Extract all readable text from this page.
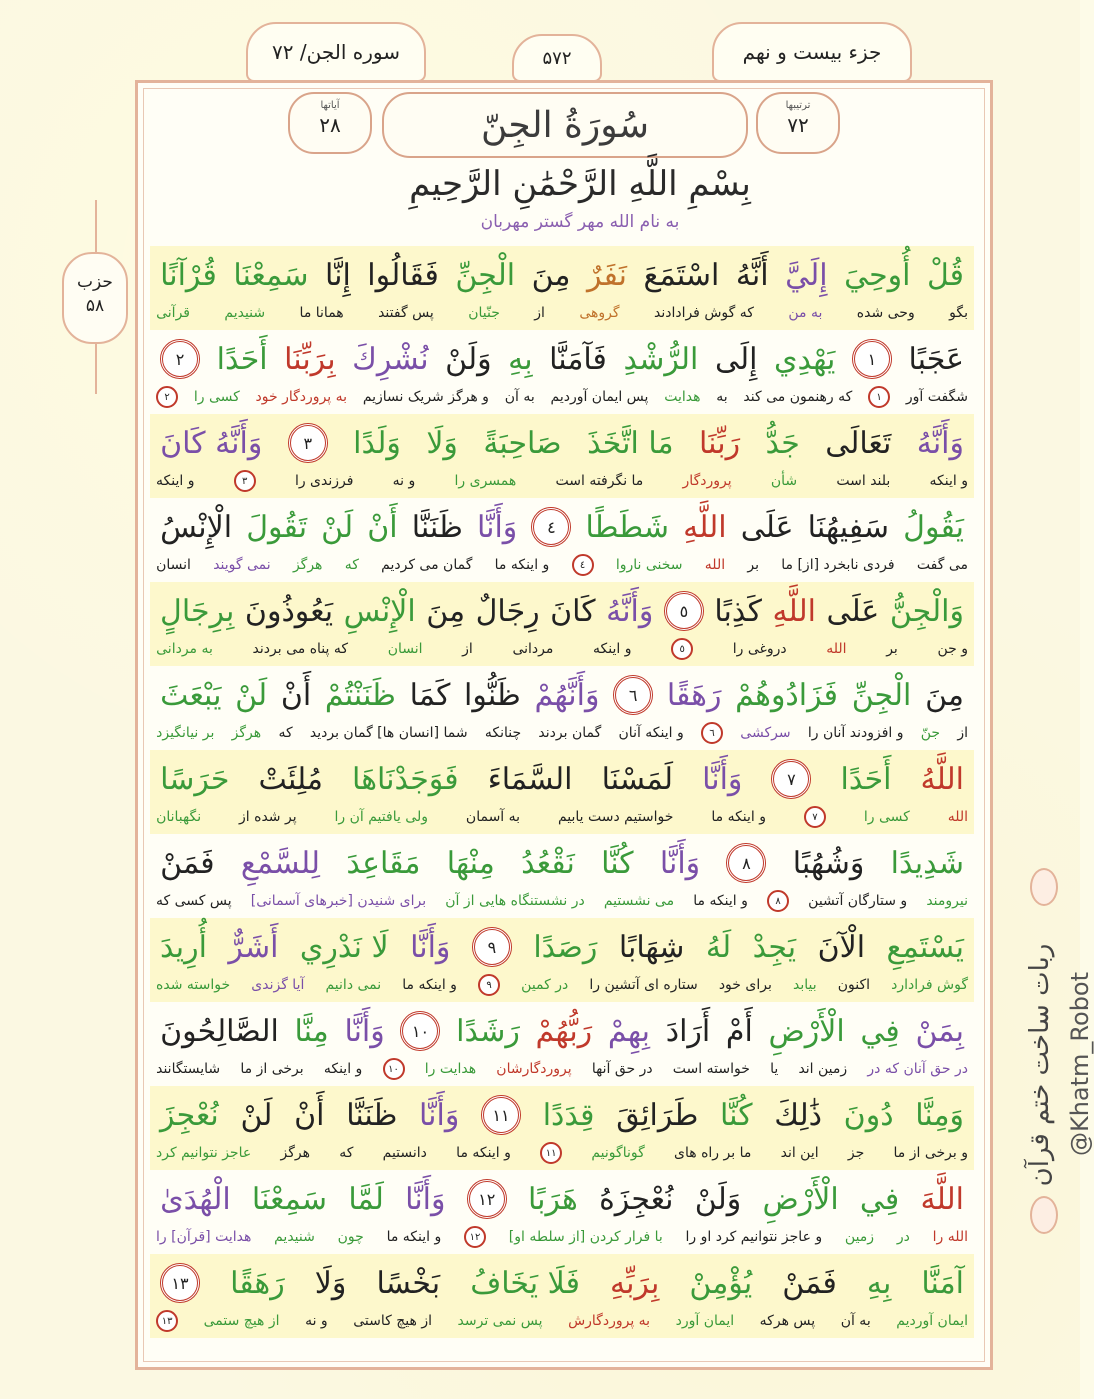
جزء بیست و نهم
۵۷۲
سوره الجن/ ۷۲
ترتیبها
۷۲
سُورَةُ الجِنّ
آیاتها
۲۸
بِسْمِ اللَّهِ الرَّحْمَٰنِ الرَّحِيمِ
به نام الله مهر گستر مهربان
حزب
۵۸
قُلْ
أُوحِيَ
إِلَيَّ
أَنَّهُ
اسْتَمَعَ
نَفَرٌ
مِنَ
الْجِنِّ
فَقَالُوا
إِنَّا
سَمِعْنَا
قُرْآنًا
بگو
وحی شده
به من
که گوش فرادادند
گروهی
از
جنّیان
پس گفتند
همانا ما
شنیدیم
قرآنی
عَجَبًا
١
يَهْدِي
إِلَى
الرُّشْدِ
فَآمَنَّا
بِهِ
وَلَنْ
نُشْرِكَ
بِرَبِّنَا
أَحَدًا
٢
شگفت آور
١
که رهنمون می کند
به
هدایت
پس ایمان آوردیم
به آن
و هرگز شریک نسازیم
به پروردگار خود
کسی را
٢
وَأَنَّهُ
تَعَالَى
جَدُّ
رَبِّنَا
مَا اتَّخَذَ
صَاحِبَةً
وَلَا
وَلَدًا
٣
وَأَنَّهُ كَانَ
و اینکه
بلند است
شأن
پروردگار
ما نگرفته است
همسری را
و نه
فرزندی را
٣
و اینکه
يَقُولُ
سَفِيهُنَا
عَلَى
اللَّهِ
شَطَطًا
٤
وَأَنَّا
ظَنَنَّا
أَنْ
لَنْ
تَقُولَ
الْإِنْسُ
می گفت
فردی نابخرد [از] ما
بر
الله
سخنی ناروا
٤
و اینکه ما
گمان می کردیم
که
هرگز
نمی گویند
انسان
وَالْجِنُّ
عَلَى
اللَّهِ
كَذِبًا
٥
وَأَنَّهُ
كَانَ
رِجَالٌ
مِنَ
الْإِنْسِ
يَعُوذُونَ
بِرِجَالٍ
و جن
بر
الله
دروغی را
٥
و اینکه
مردانی
از
انسان
که پناه می بردند
به مردانی
مِنَ
الْجِنِّ
فَزَادُوهُمْ
رَهَقًا
٦
وَأَنَّهُمْ
ظَنُّوا
كَمَا
ظَنَنْتُمْ
أَنْ
لَنْ
يَبْعَثَ
از
جنّ
و افزودند آنان را
سرکشی
٦
و اینکه آنان
گمان بردند
چنانکه
شما [انسان ها] گمان بردید
که
هرگز
بر نیانگیزد
اللَّهُ
أَحَدًا
٧
وَأَنَّا
لَمَسْنَا
السَّمَاءَ
فَوَجَدْنَاهَا
مُلِئَتْ
حَرَسًا
الله
کسی را
٧
و اینکه ما
خواستیم دست یابیم
به آسمان
ولی یافتیم آن را
پر شده از
نگهبانان
شَدِيدًا
وَشُهُبًا
٨
وَأَنَّا
كُنَّا
نَقْعُدُ
مِنْهَا
مَقَاعِدَ
لِلسَّمْعِ
فَمَنْ
نیرومند
و ستارگان آتشین
٨
و اینکه ما
می نشستیم
در نشستنگاه هایی از آن
برای شنیدن [خبرهای آسمانی]
پس کسی که
يَسْتَمِعِ
الْآنَ
يَجِدْ
لَهُ
شِهَابًا
رَصَدًا
٩
وَأَنَّا
لَا نَدْرِي
أَشَرٌّ
أُرِيدَ
گوش فرادارد
اکنون
بیابد
برای خود
ستاره ای آتشین را
در کمین
٩
و اینکه ما
نمی دانیم
آیا گزندی
خواسته شده
بِمَنْ
فِي
الْأَرْضِ
أَمْ
أَرَادَ
بِهِمْ
رَبُّهُمْ
رَشَدًا
١٠
وَأَنَّا
مِنَّا
الصَّالِحُونَ
در حق آنان که در
زمین اند
یا
خواسته است
در حق آنها
پروردگارشان
هدایت را
١٠
و اینکه
برخی از ما
شایستگانند
وَمِنَّا
دُونَ
ذَٰلِكَ
كُنَّا
طَرَائِقَ
قِدَدًا
١١
وَأَنَّا
ظَنَنَّا
أَنْ
لَنْ
نُعْجِزَ
و برخی از ما
جز
این اند
ما بر راه های
گوناگونیم
١١
و اینکه ما
دانستیم
که
هرگز
عاجز نتوانیم کرد
اللَّهَ
فِي
الْأَرْضِ
وَلَنْ
نُعْجِزَهُ
هَرَبًا
١٢
وَأَنَّا
لَمَّا
سَمِعْنَا
الْهُدَىٰ
الله را
در
زمین
و عاجز نتوانیم کرد او را
با فرار کردن [از سلطه او]
١٢
و اینکه ما
چون
شنیدیم
هدایت [قرآن] را
آمَنَّا
بِهِ
فَمَنْ
يُؤْمِنْ
بِرَبِّهِ
فَلَا يَخَافُ
بَخْسًا
وَلَا
رَهَقًا
١٣
ایمان آوردیم
به آن
پس هرکه
ایمان آورد
به پروردگارش
پس نمی ترسد
از هیچ کاستی
و نه
از هیچ ستمی
١٣
ربات ساخت ختم قرآن @Khatm_Robot
